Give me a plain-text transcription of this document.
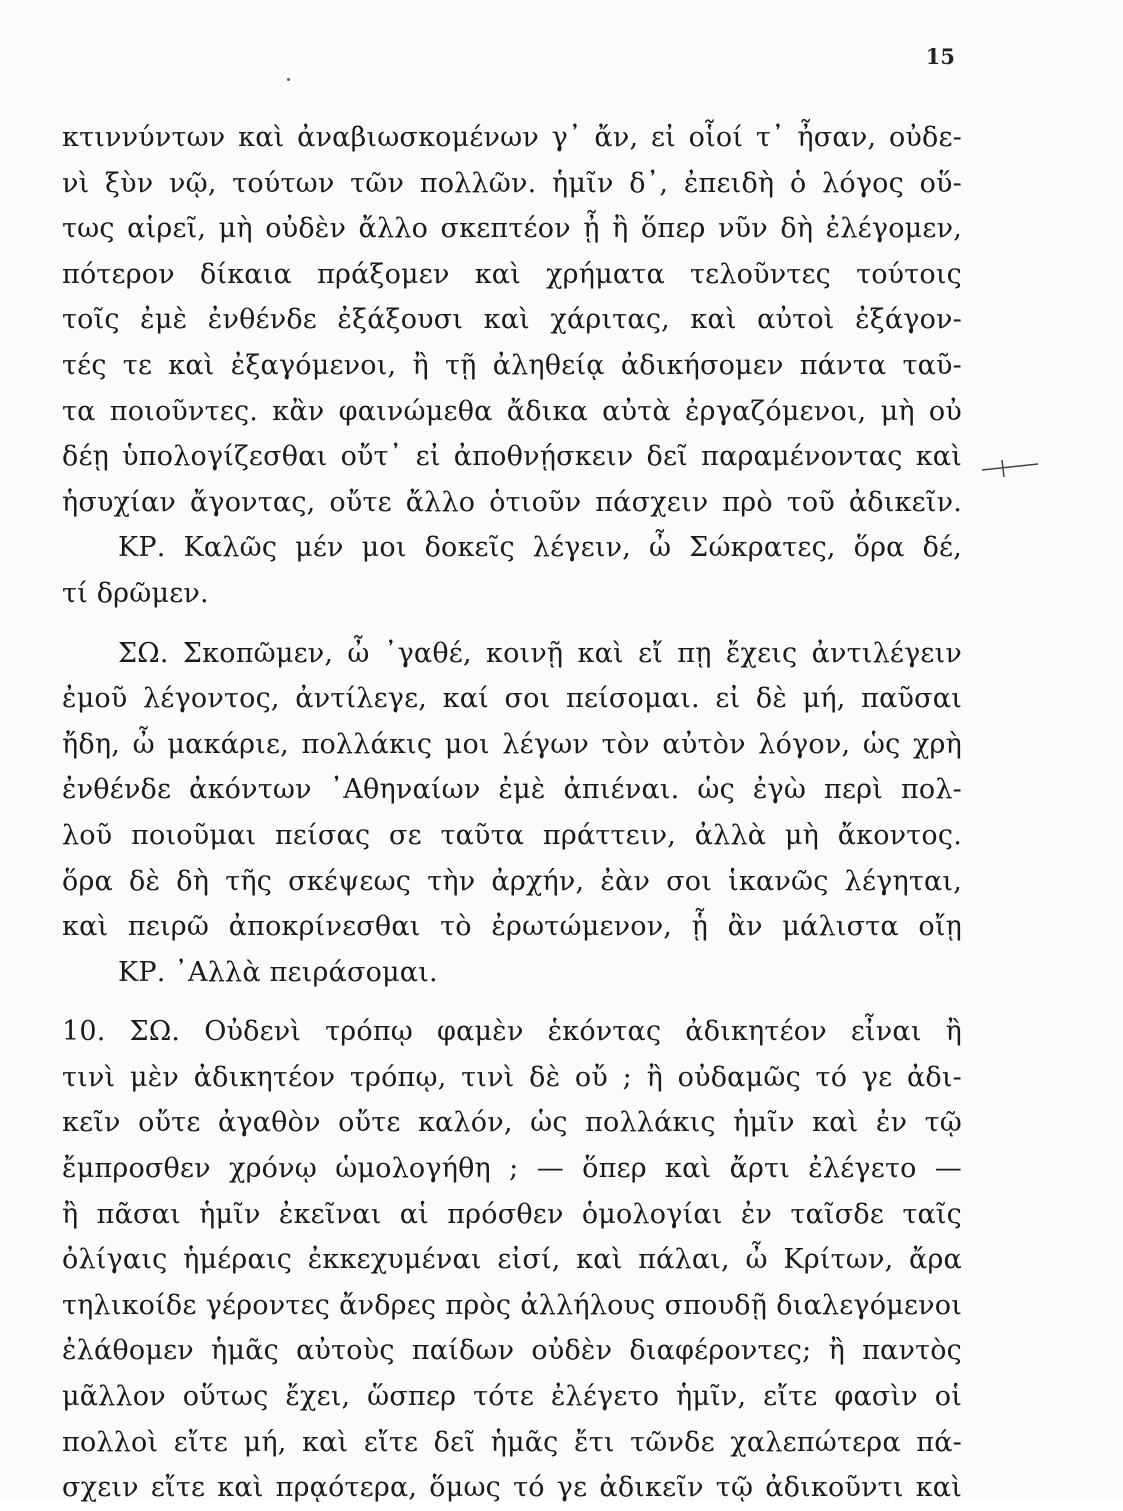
15
κτιννύντων καὶ ἀναβιωσκομένων γ᾽ ἄν, εἰ οἷοί τ᾽ ἦσαν, οὐδε-
νὶ ξὺν νῷ, τούτων τῶν πολλῶν. ἡμῖν δ᾽, ἐπειδὴ ὁ λόγος οὕ-
τως αἱρεῖ, μὴ οὐδὲν ἄλλο σκεπτέον ᾖ ἢ ὅπερ νῦν δὴ ἐλέγομεν,
πότερον δίκαια πράξομεν καὶ χρήματα τελοῦντες τούτοις
τοῖς ἐμὲ ἐνθένδε ἐξάξουσι καὶ χάριτας, καὶ αὐτοὶ ἐξάγον-
τές τε καὶ ἐξαγόμενοι, ἢ τῇ ἀληθείᾳ ἀδικήσομεν πάντα ταῦ-
τα ποιοῦντες. κἂν φαινώμεθα ἄδικα αὐτὰ ἐργαζόμενοι, μὴ οὐ
δέῃ ὑπολογίζεσθαι οὔτ᾽ εἰ ἀποθνῄσκειν δεῖ παραμένοντας καὶ
ἡσυχίαν ἄγοντας, οὔτε ἄλλο ὁτιοῦν πάσχειν πρὸ τοῦ ἀδικεῖν.
ΚΡ. Καλῶς μέν μοι δοκεῖς λέγειν, ὦ Σώκρατες, ὅρα δέ,
τί δρῶμεν.
ΣΩ. Σκοπῶμεν, ὦ ᾽γαθέ, κοινῇ καὶ εἴ πῃ ἔχεις ἀντιλέγειν
ἐμοῦ λέγοντος, ἀντίλεγε, καί σοι πείσομαι. εἰ δὲ μή, παῦσαι
ἤδη, ὦ μακάριε, πολλάκις μοι λέγων τὸν αὐτὸν λόγον, ὡς χρὴ
ἐνθένδε ἀκόντων ᾽Αθηναίων ἐμὲ ἀπιέναι. ὡς ἐγὼ περὶ πολ-
λοῦ ποιοῦμαι πείσας σε ταῦτα πράττειν, ἀλλὰ μὴ ἄκοντος.
ὅρα δὲ δὴ τῆς σκέψεως τὴν ἀρχήν, ἐὰν σοι ἱκανῶς λέγηται,
καὶ πειρῶ ἀποκρίνεσθαι τὸ ἐρωτώμενον, ᾗ ἂν μάλιστα οἴῃ
ΚΡ. ᾽Αλλὰ πειράσομαι.
10. ΣΩ. Οὐδενὶ τρόπῳ φαμὲν ἑκόντας ἀδικητέον εἶναι ἢ
τινὶ μὲν ἀδικητέον τρόπῳ, τινὶ δὲ οὔ ; ἢ οὐδαμῶς τό γε ἀδι-
κεῖν οὔτε ἀγαθὸν οὔτε καλόν, ὡς πολλάκις ἡμῖν καὶ ἐν τῷ
ἔμπροσθεν χρόνῳ ὡμολογήθη ; — ὅπερ καὶ ἄρτι ἐλέγετο —
ἢ πᾶσαι ἡμῖν ἐκεῖναι αἱ πρόσθεν ὁμολογίαι ἐν ταῖσδε ταῖς
ὀλίγαις ἡμέραις ἐκκεχυμέναι εἰσί, καὶ πάλαι, ὦ Κρίτων, ἄρα
τηλικοίδε γέροντες ἄνδρες πρὸς ἀλλήλους σπουδῇ διαλεγόμενοι
ἐλάθομεν ἡμᾶς αὐτοὺς παίδων οὐδὲν διαφέροντες; ἢ παντὸς
μᾶλλον οὕτως ἔχει, ὥσπερ τότε ἐλέγετο ἡμῖν, εἴτε φασὶν οἱ
πολλοὶ εἴτε μή, καὶ εἴτε δεῖ ἡμᾶς ἔτι τῶνδε χαλεπώτερα πά-
σχειν εἴτε καὶ πρᾳότερα, ὅμως τό γε ἀδικεῖν τῷ ἀδικοῦντι καὶ
